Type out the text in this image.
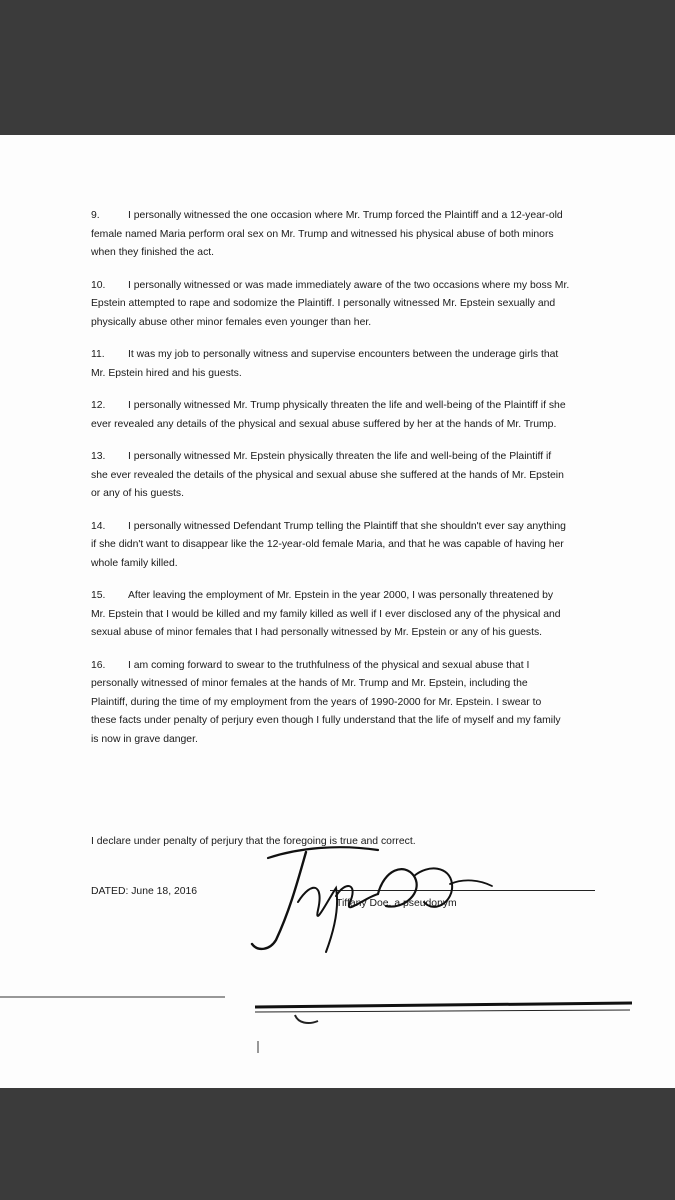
9.	I personally witnessed the one occasion where Mr. Trump forced the Plaintiff and a 12-year-old
female named Maria perform oral sex on Mr. Trump and witnessed his physical abuse of both minors
when they finished the act.
10. I personally witnessed or was made immediately aware of the two occasions where my boss Mr.
Epstein attempted to rape and sodomize the Plaintiff. I personally witnessed Mr. Epstein sexually and
physically abuse other minor females even younger than her.
11. It was my job to personally witness and supervise encounters between the underage girls that
Mr. Epstein hired and his guests.
12. I personally witnessed Mr. Trump physically threaten the life and well-being of the Plaintiff if she
ever revealed any details of the physical and sexual abuse suffered by her at the hands of Mr. Trump.
13. I personally witnessed Mr. Epstein physically threaten the life and well-being of the Plaintiff if
she ever revealed the details of the physical and sexual abuse she suffered at the hands of Mr. Epstein
or any of his guests.
14. I personally witnessed Defendant Trump telling the Plaintiff that she shouldn't ever say anything
if she didn't want to disappear like the 12-year-old female Maria, and that he was capable of having her
whole family killed.
15. After leaving the employment of Mr. Epstein in the year 2000, I was personally threatened by
Mr. Epstein that I would be killed and my family killed as well if I ever disclosed any of the physical and
sexual abuse of minor females that I had personally witnessed by Mr. Epstein or any of his guests.
16. I am coming forward to swear to the truthfulness of the physical and sexual abuse that I
personally witnessed of minor females at the hands of Mr. Trump and Mr. Epstein, including the
Plaintiff, during the time of my employment from the years of 1990-2000 for Mr. Epstein. I swear to
these facts under penalty of perjury even though I fully understand that the life of myself and my family
is now in grave danger.
I declare under penalty of perjury that the foregoing is true and correct.
DATED: June 18, 2016
Tiffany Doe, a pseudonym
